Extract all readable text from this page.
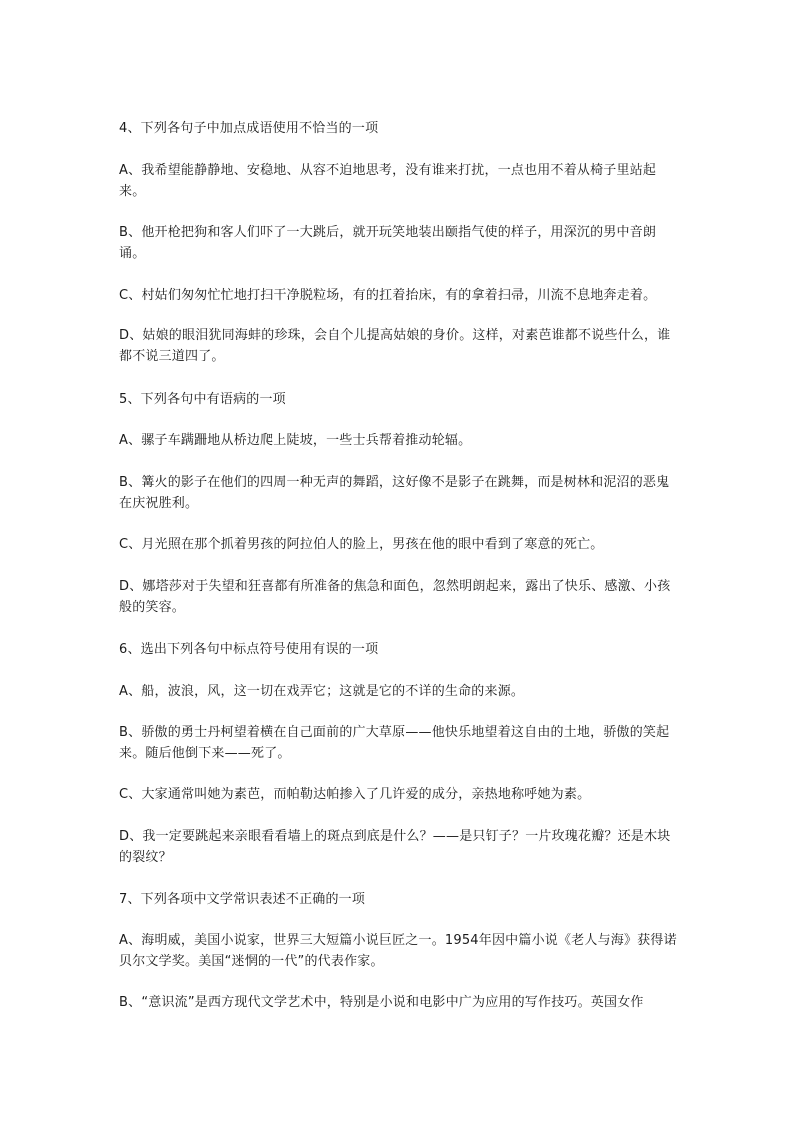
4、下列各句子中加点成语使用不恰当的一项

A、我希望能静静地、安稳地、从容不迫地思考，没有谁来打扰，一点也用不着从椅子里站起来。

B、他开枪把狗和客人们吓了一大跳后，就开玩笑地装出颐指气使的样子，用深沉的男中音朗诵。

C、村姑们匆匆忙忙地打扫干净脱粒场，有的扛着抬床，有的拿着扫帚，川流不息地奔走着。

D、姑娘的眼泪犹同海蚌的珍珠，会自个儿提高姑娘的身价。这样，对素芭谁都不说些什么，谁都不说三道四了。

5、下列各句中有语病的一项

A、骡子车蹒跚地从桥边爬上陡坡，一些士兵帮着推动轮辐。

B、篝火的影子在他们的四周一种无声的舞蹈，这好像不是影子在跳舞，而是树林和泥沼的恶鬼在庆祝胜利。

C、月光照在那个抓着男孩的阿拉伯人的脸上，男孩在他的眼中看到了寒意的死亡。

D、娜塔莎对于失望和狂喜都有所准备的焦急和面色，忽然明朗起来，露出了快乐、感激、小孩般的笑容。

6、选出下列各句中标点符号使用有误的一项

A、船，波浪，风，这一切在戏弄它；这就是它的不详的生命的来源。

B、骄傲的勇士丹柯望着横在自己面前的广大草原——他快乐地望着这自由的土地，骄傲的笑起来。随后他倒下来——死了。

C、大家通常叫她为素芭，而帕勒达帕掺入了几许爱的成分，亲热地称呼她为素。

D、我一定要跳起来亲眼看看墙上的斑点到底是什么？——是只钉子？一片玫瑰花瓣？还是木块的裂纹？

7、下列各项中文学常识表述不正确的一项

A、海明威，美国小说家，世界三大短篇小说巨匠之一。1954年因中篇小说《老人与海》获得诺贝尔文学奖。美国“迷惘的一代”的代表作家。

B、“意识流”是西方现代文学艺术中，特别是小说和电影中广为应用的写作技巧。英国女作
